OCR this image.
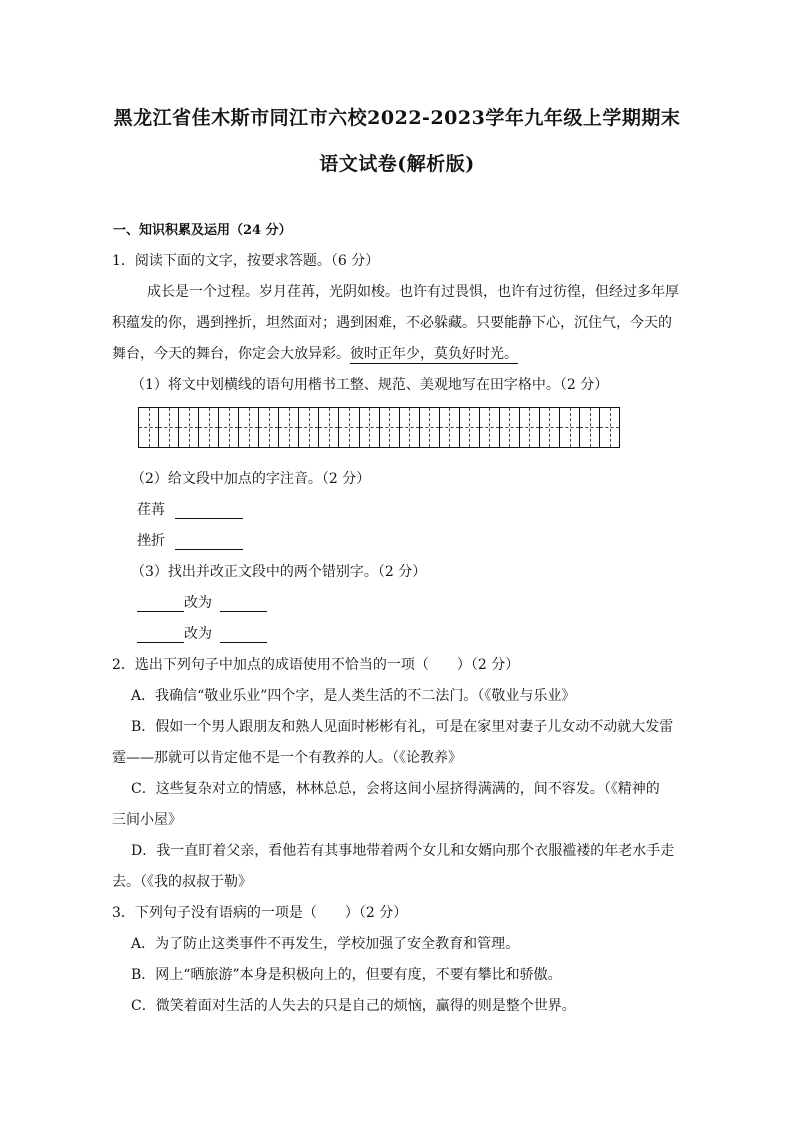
黑龙江省佳木斯市同江市六校2022-2023学年九年级上学期期末
语文试卷(解析版)
一、知识积累及运用（24 分）
1．阅读下面的文字，按要求答题。（6 分）
成长是一个过程。岁月荏苒，光阴如梭。也许有过畏惧，也许有过彷徨，但经过多年厚
积蕴发的你，遇到挫折，坦然面对；遇到困难，不必躲藏。只要能静下心，沉住气，今天的
舞台，今天的舞台，你定会大放异彩。彼时正年少，莫负好时光。
（1）将文中划横线的语句用楷书工整、规范、美观地写在田字格中。（2 分）
（2）给文段中加点的字注音。（2 分）
荏苒
挫折
（3）找出并改正文段中的两个错别字。（2 分）
改为
改为
2．选出下列句子中加点的成语使用不恰当的一项（　　）（2 分）
A．我确信“敬业乐业”四个字，是人类生活的不二法门。（《敬业与乐业》
B．假如一个男人跟朋友和熟人见面时彬彬有礼，可是在家里对妻子儿女动不动就大发雷
霆——那就可以肯定他不是一个有教养的人。（《论教养》
C．这些复杂对立的情感，林林总总，会将这间小屋挤得满满的，间不容发。（《精神的
三间小屋》
D．我一直盯着父亲，看他若有其事地带着两个女儿和女婿向那个衣服褴褛的年老水手走
去。（《我的叔叔于勒》
3．下列句子没有语病的一项是（　　）（2 分）
A．为了防止这类事件不再发生，学校加强了安全教育和管理。
B．网上“晒旅游”本身是积极向上的，但要有度，不要有攀比和骄傲。
C．微笑着面对生活的人失去的只是自己的烦恼，赢得的则是整个世界。
